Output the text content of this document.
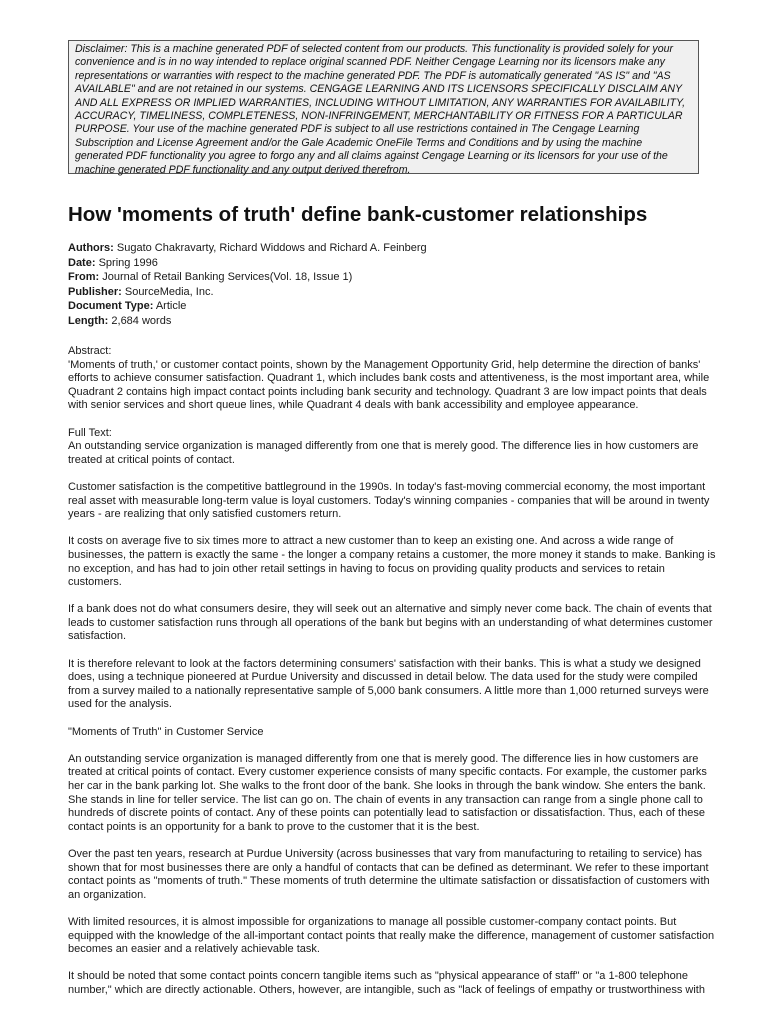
Disclaimer: This is a machine generated PDF of selected content from our products. This functionality is provided solely for your convenience and is in no way intended to replace original scanned PDF. Neither Cengage Learning nor its licensors make any representations or warranties with respect to the machine generated PDF. The PDF is automatically generated "AS IS" and "AS AVAILABLE" and are not retained in our systems. CENGAGE LEARNING AND ITS LICENSORS SPECIFICALLY DISCLAIM ANY AND ALL EXPRESS OR IMPLIED WARRANTIES, INCLUDING WITHOUT LIMITATION, ANY WARRANTIES FOR AVAILABILITY, ACCURACY, TIMELINESS, COMPLETENESS, NON-INFRINGEMENT, MERCHANTABILITY OR FITNESS FOR A PARTICULAR PURPOSE. Your use of the machine generated PDF is subject to all use restrictions contained in The Cengage Learning Subscription and License Agreement and/or the Gale Academic OneFile Terms and Conditions and by using the machine generated PDF functionality you agree to forgo any and all claims against Cengage Learning or its licensors for your use of the machine generated PDF functionality and any output derived therefrom.
How 'moments of truth' define bank-customer relationships
Authors: Sugato Chakravarty, Richard Widdows and Richard A. Feinberg
Date: Spring 1996
From: Journal of Retail Banking Services(Vol. 18, Issue 1)
Publisher: SourceMedia, Inc.
Document Type: Article
Length: 2,684 words

Abstract:
'Moments of truth,' or customer contact points, shown by the Management Opportunity Grid, help determine the direction of banks' efforts to achieve consumer satisfaction. Quadrant 1, which includes bank costs and attentiveness, is the most important area, while Quadrant 2 contains high impact contact points including bank security and technology. Quadrant 3 are low impact points that deals with senior services and short queue lines, while Quadrant 4 deals with bank accessibility and employee appearance.

Full Text:
An outstanding service organization is managed differently from one that is merely good. The difference lies in how customers are treated at critical points of contact.

Customer satisfaction is the competitive battleground in the 1990s. In today's fast-moving commercial economy, the most important real asset with measurable long-term value is loyal customers. Today's winning companies - companies that will be around in twenty years - are realizing that only satisfied customers return.

It costs on average five to six times more to attract a new customer than to keep an existing one. And across a wide range of businesses, the pattern is exactly the same - the longer a company retains a customer, the more money it stands to make. Banking is no exception, and has had to join other retail settings in having to focus on providing quality products and services to retain customers.

If a bank does not do what consumers desire, they will seek out an alternative and simply never come back. The chain of events that leads to customer satisfaction runs through all operations of the bank but begins with an understanding of what determines customer satisfaction.

It is therefore relevant to look at the factors determining consumers' satisfaction with their banks. This is what a study we designed does, using a technique pioneered at Purdue University and discussed in detail below. The data used for the study were compiled from a survey mailed to a nationally representative sample of 5,000 bank consumers. A little more than 1,000 returned surveys were used for the analysis.

"Moments of Truth" in Customer Service

An outstanding service organization is managed differently from one that is merely good. The difference lies in how customers are treated at critical points of contact. Every customer experience consists of many specific contacts. For example, the customer parks her car in the bank parking lot. She walks to the front door of the bank. She looks in through the bank window. She enters the bank. She stands in line for teller service. The list can go on. The chain of events in any transaction can range from a single phone call to hundreds of discrete points of contact. Any of these points can potentially lead to satisfaction or dissatisfaction. Thus, each of these contact points is an opportunity for a bank to prove to the customer that it is the best.

Over the past ten years, research at Purdue University (across businesses that vary from manufacturing to retailing to service) has shown that for most businesses there are only a handful of contacts that can be defined as determinant. We refer to these important contact points as "moments of truth." These moments of truth determine the ultimate satisfaction or dissatisfaction of customers with an organization.

With limited resources, it is almost impossible for organizations to manage all possible customer-company contact points. But equipped with the knowledge of the all-important contact points that really make the difference, management of customer satisfaction becomes an easier and a relatively achievable task.

It should be noted that some contact points concern tangible items such as "physical appearance of staff" or "a 1-800 telephone number," which are directly actionable. Others, however, are intangible, such as "lack of feelings of empathy or trustworthiness with
